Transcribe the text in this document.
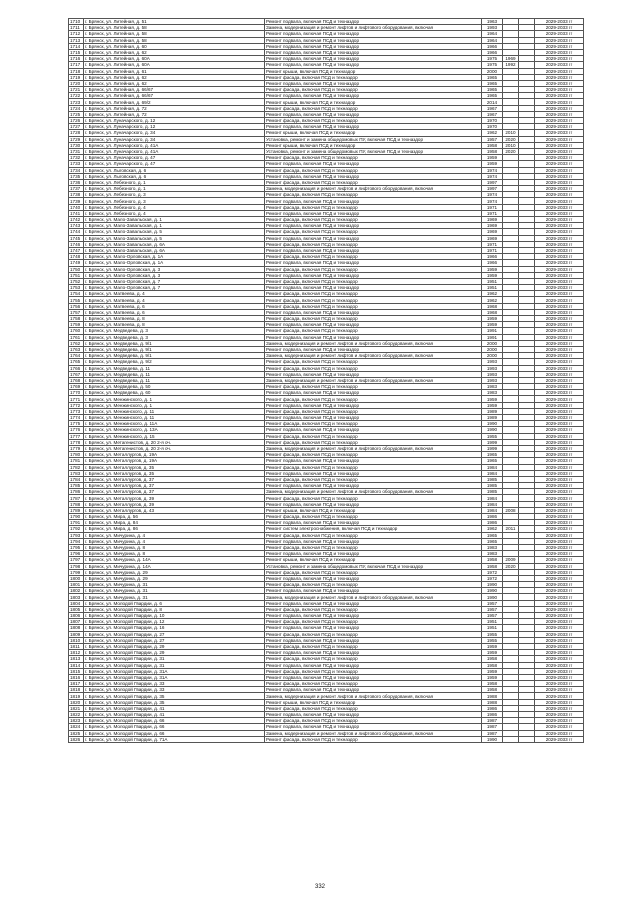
1710	г. Брянск, ул. Литейная, д. 51	Ремонт подвала, включая ПСД и техназдор	1963			2029-2033 гг
1711	г. Брянск, ул. Литейная, д. 58	Замена, модернизация и ремонт лифтов и лифтового оборудования, включая	1993			2029-2033 гг
1712	г. Брянск, ул. Литейная, д. 58	Ремонт подвала, включая ПСД и техназдор	1964			2029-2033 гг
1713	г. Брянск, ул. Литейная, д. 58	Ремонт подвала, включая ПСД и техназдор	1964			2029-2033 гг
1714	г. Брянск, ул. Литейная, д. 60	Ремонт подвала, включая ПСД и техназдор	1966			2029-2033 гг
1715	г. Брянск, ул. Литейная, д. 62	Ремонт подвала, включая ПСД и техназдор	1966			2029-2033 гг
1716	г. Брянск, ул. Литейная, д. 60А	Ремонт подвала, включая ПСД и техназдор	1975	1969		2029-2033 гг
1717	г. Брянск, ул. Литейная, д. 60А	Ремонт подвала, включая ПСД и техназдор	1975	1992		2029-2033 гг
1718	г. Брянск, ул. Литейная, д. 61	Ремонт крыши, включая ПСД и техназдор	2000			2029-2033 гг
1719	г. Брянск, ул. Литейная, д. 62	Ремонт фасада, включая ПСД и техназдор	1965			2029-2033 гг
1720	г. Брянск, ул. Литейная, д. 62	Ремонт подвала, включая ПСД и техназдор	1965			2029-2033 гг
1721	г. Брянск, ул. Литейная, д. 66/67	Ремонт фасада, включая ПСД и техназдор	1965			2029-2033 гг
1722	г. Брянск, ул. Литейная, д. 66/67	Ремонт подвала, включая ПСД и техназдор	1965			2029-2033 гг
1723	г. Брянск, ул. Литейная, д. 69/2	Ремонт крыши, включая ПСД и техназдор	2014			2029-2033 гг
1724	г. Брянск, ул. Литейная, д. 72	Ремонт фасада, включая ПСД и техназдор	1967			2029-2033 гг
1725	г. Брянск, ул. Литейная, д. 72	Ремонт подвала, включая ПСД и техназдор	1967			2029-2033 гг
1726	г. Брянск, ул. Луначарского, д. 12	Ремонт фасада, включая ПСД и техназдор	1970			2029-2033 гг
1727	г. Брянск, ул. Луначарского, д. 12	Ремонт подвала, включая ПСД и техназдор	1970			2029-2033 гг
1728	г. Брянск, ул. Луначарского, д. 34	Ремонт крыши, включая ПСД и техназдор	1962	2010		2029-2033 гг
1729	г. Брянск, ул. Луначарского, д. 34	Установка, ремонт и замена общедомовых ПУ, включая ПСД и техназдор	1957	2020		2029-2033 гг
1730	г. Брянск, ул. Луначарского, д. 41А	Ремонт крыши, включая ПСД и техназдор	1958	2010		2029-2033 гг
1731	г. Брянск, ул. Луначарского, д. 41А	Установка, ремонт и замена общедомовых ПУ, включая ПСД и техназдор	1958	2020		2029-2033 гг
1732	г. Брянск, ул. Луначарского, д. 47	Ремонт фасада, включая ПСД и техназдор	1959			2029-2033 гг
1733	г. Брянск, ул. Луначарского, д. 47	Ремонт подвала, включая ПСД и техназдор	1959			2029-2033 гг
1734	г. Брянск, ул. Лыговская, д. 6	Ремонт фасада, включая ПСД и техназдор	1974			2029-2033 гг
1735	г. Брянск, ул. Лыговская, д. 6	Ремонт подвала, включая ПСД и техназдор	1974			2029-2033 гг
1736	г. Брянск, ул. Лебезного, д. 1	Ремонт фасада, включая ПСД и техназдор	1997			2029-2033 гг
1737	г. Брянск, ул. Лебезного, д. 1	Замена, модернизация и ремонт лифтов и лифтового оборудования, включая	1997			2029-2033 гг
1738	г. Брянск, ул. Лебезного, д. 3	Ремонт фасада, включая ПСД и техназдор	1974			2029-2033 гг
1739	г. Брянск, ул. Лебезного, д. 3	Ремонт подвала, включая ПСД и техназдор	1974			2029-2033 гг
1740	г. Брянск, ул. Лебезного, д. 4	Ремонт фасада, включая ПСД и техназдор	1971			2029-2033 гг
1741	г. Брянск, ул. Лебезного, д. 4	Ремонт подвала, включая ПСД и техназдор	1971			2029-2033 гг
1742	г. Брянск, ул. Мало-Завальская, д. 1	Ремонт фасада, включая ПСД и техназдор	1969			2029-2033 гг
1743	г. Брянск, ул. Мало-Завальская, д. 1	Ремонт подвала, включая ПСД и техназдор	1969			2029-2033 гг
1744	г. Брянск, ул. Мало-Завальская, д. 5	Ремонт фасада, включая ПСД и техназдор	1969			2029-2033 гг
1745	г. Брянск, ул. Мало-Завальская, д. 5	Ремонт подвала, включая ПСД и техназдор	1969			2029-2033 гг
1746	г. Брянск, ул. Мало-Завальская, д. 6А	Ремонт фасада, включая ПСД и техназдор	1971			2029-2033 гг
1747	г. Брянск, ул. Мало-Завальская, д. 6А	Ремонт подвала, включая ПСД и техназдор	1971			2029-2033 гг
1748	г. Брянск, ул. Мало-Орловская, д. 1А	Ремонт фасада, включая ПСД и техназдор	1966			2029-2033 гг
1749	г. Брянск, ул. Мало-Орловская, д. 1А	Ремонт подвала, включая ПСД и техназдор	1966			2029-2033 гг
1750	г. Брянск, ул. Мало-Орловская, д. 3	Ремонт фасада, включая ПСД и техназдор	1959			2029-2033 гг
1751	г. Брянск, ул. Мало-Орловская, д. 3	Ремонт подвала, включая ПСД и техназдор	1959			2029-2033 гг
1752	г. Брянск, ул. Мало-Орловская, д. 7	Ремонт фасада, включая ПСД и техназдор	1951			2029-2033 гг
1753	г. Брянск, ул. Мало-Орловская, д. 7	Ремонт подвала, включая ПСД и техназдор	1951			2029-2033 гг
1754	г. Брянск, ул. Матвеева, д. 4	Ремонт фасада, включая ПСД и техназдор	1962			2029-2033 гг
1755	г. Брянск, ул. Матвеева, д. 4	Ремонт фасада, включая ПСД и техназдор	1962			2029-2033 гг
1756	г. Брянск, ул. Матвеева, д. 6	Ремонт фасада, включая ПСД и техназдор	1968			2029-2033 гг
1757	г. Брянск, ул. Матвеева, д. 6	Ремонт подвала, включая ПСД и техназдор	1968			2029-2033 гг
1758	г. Брянск, ул. Матвеева, д. 8	Ремонт фасада, включая ПСД и техназдор	1959			2029-2033 гг
1759	г. Брянск, ул. Матвеева, д. 8	Ремонт подвала, включая ПСД и техназдор	1959			2029-2033 гг
1760	г. Брянск, ул. Медведева, д. 3	Ремонт фасада, включая ПСД и техназдор	1991			2029-2033 гг
1761	г. Брянск, ул. Медведева, д. 3	Ремонт подвала, включая ПСД и техназдор	1991			2029-2033 гг
1762	г. Брянск, ул. Медведева, д. 9/1	Замена, модернизация и ремонт лифтов и лифтового оборудования, включая	2000			2029-2033 гг
1763	г. Брянск, ул. Медведева, д. 9/1	Ремонт подвала, включая ПСД и техназдор	2000			2029-2033 гг
1764	г. Брянск, ул. Медведева, д. 9/1	Замена, модернизация и ремонт лифтов и лифтового оборудования, включая	2000			2029-2033 гг
1765	г. Брянск, ул. Медведева, д. 9/2	Ремонт фасада, включая ПСД и техназдор	1993			2029-2033 гг
1766	г. Брянск, ул. Медведева, д. 11	Ремонт фасада, включая ПСД и техназдор	1993			2029-2033 гг
1767	г. Брянск, ул. Медведева, д. 11	Ремонт подвала, включая ПСД и техназдор	1993			2029-2033 гг
1768	г. Брянск, ул. Медведева, д. 11	Замена, модернизация и ремонт лифтов и лифтового оборудования, включая	1993			2029-2033 гг
1769	г. Брянск, ул. Медведева, д. 50	Ремонт фасада, включая ПСД и техназдор	1983			2029-2033 гг
1770	г. Брянск, ул. Медведева, д. 60	Ремонт подвала, включая ПСД и техназдор	1983			2029-2033 гг
1771	г. Брянск, ул. Менжинского, д. 1	Ремонт фасада, включая ПСД и техназдор	1959			2029-2033 гг
1772	г. Брянск, ул. Менжинского, д. 1	Ремонт подвала, включая ПСД и техназдор	1959			2029-2033 гг
1773	г. Брянск, ул. Менжинского, д. 11	Ремонт фасада, включая ПСД и техназдор	1989			2029-2033 гг
1774	г. Брянск, ул. Менжинского, д. 11	Ремонт подвала, включая ПСД и техназдор	1989			2029-2033 гг
1775	г. Брянск, ул. Менжинского, д. 11А	Ремонт фасада, включая ПСД и техназдор	1990			2029-2033 гг
1776	г. Брянск, ул. Менжинского, д. 13А	Ремонт подвала, включая ПСД и техназдор	1990			2029-2033 гг
1777	г. Брянск, ул. Менжинского, д. 15	Ремонт фасада, включая ПСД и техназдор	1955			2029-2033 гг
1778	г. Брянск, ул. Метагенистов, д. 20 2-я оч.	Ремонт фасада, включая ПСД и техназдор	1999			2029-2033 гг
1779	г. Брянск, ул. Метагенистов, д. 20 2-я оч.	Замена, модернизация и ремонт лифтов и лифтового оборудования, включая	1999			2029-2033 гг
1780	г. Брянск, ул. Металлургов, д. 19А	Ремонт фасада, включая ПСД и техназдор	1965			2029-2033 гг
1781	г. Брянск, ул. Металлургов, д. 19А	Ремонт подвала, включая ПСД и техназдор	1965			2029-2033 гг
1782	г. Брянск, ул. Металлургов, д. 35	Ремонт фасада, включая ПСД и техназдор	1984			2029-2033 гг
1783	г. Брянск, ул. Металлургов, д. 35	Ремонт подвала, включая ПСД и техназдор	1984			2029-2033 гг
1784	г. Брянск, ул. Металлургов, д. 37	Ремонт фасада, включая ПСД и техназдор	1985			2029-2033 гг
1785	г. Брянск, ул. Металлургов, д. 37	Ремонт подвала, включая ПСД и техназдор	1985			2029-2033 гг
1786	г. Брянск, ул. Металлургов, д. 37	Замена, модернизация и ремонт лифтов и лифтового оборудования, включая	1985			2029-2033 гг
1787	г. Брянск, ул. Металлургов, д. 39	Ремонт фасада, включая ПСД и техназдор	1984			2029-2033 гг
1788	г. Брянск, ул. Металлургов, д. 39	Ремонт подвала, включая ПСД и техназдор	1984			2029-2033 гг
1789	г. Брянск, ул. Металлургов, д. 43	Ремонт крыши, включая ПСД и техназдор	1984	2008		2029-2033 гг
1790	г. Брянск, ул. Мира, д. 56	Ремонт фасада, включая ПСД и техназдор	1986			2029-2033 гг
1791	г. Брянск, ул. Мира, д. 84	Ремонт подвала, включая ПСД и техназдор	1986			2029-2033 гг
1792	г. Брянск, ул. Мира, д. 86	Ремонт систем электроснабжения, включая ПСД и техназдор	1962	2011		2029-2033 гг
1793	г. Брянск, ул. Мичурина, д. 4	Ремонт фасада, включая ПСД и техназдор	1965			2029-2033 гг
1794	г. Брянск, ул. Мичурина, д. 4	Ремонт подвала, включая ПСД и техназдор	1965			2029-2033 гг
1795	г. Брянск, ул. Мичурина, д. 8	Ремонт фасада, включая ПСД и техназдор	1983			2029-2033 гг
1796	г. Брянск, ул. Мичурина, д. 8	Ремонт подвала, включая ПСД и техназдор	1983			2029-2033 гг
1797	г. Брянск, ул. Мичурина, д. 14А	Ремонт крыши, включая ПСД и техназдор	1958	2009		2029-2033 гг
1798	г. Брянск, ул. Мичурина, д. 14А	Установка, ремонт и замена общедомовых ПУ, включая ПСД и техназдор	1958	2020		2029-2033 гг
1799	г. Брянск, ул. Мичурина, д. 29	Ремонт фасада, включая ПСД и техназдор	1972			2029-2033 гг
1800	г. Брянск, ул. Мичурина, д. 29	Ремонт подвала, включая ПСД и техназдор	1972			2029-2033 гг
1801	г. Брянск, ул. Мичурина, д. 31	Ремонт фасада, включая ПСД и техназдор	1990			2029-2033 гг
1802	г. Брянск, ул. Мичурина, д. 31	Ремонт подвала, включая ПСД и техназдор	1990			2029-2033 гг
1803	г. Брянск, ул. Мичурина, д. 31	Замена, модернизация и ремонт лифтов и лифтового оборудования, включая	1990			2029-2033 гг
1804	г. Брянск, ул. Молодой Гвардии, д. 6	Ремонт подвала, включая ПСД и техназдор	1957			2029-2033 гг
1805	г. Брянск, ул. Молодой Гвардии, д. 8	Ремонт фасада, включая ПСД и техназдор	1957			2029-2033 гг
1806	г. Брянск, ул. Молодой Гвардии, д. 10	Ремонт подвала, включая ПСД и техназдор	1957			2029-2033 гг
1807	г. Брянск, ул. Молодой Гвардии, д. 12	Ремонт фасада, включая ПСД и техназдор	1951			2029-2033 гг
1808	г. Брянск, ул. Молодой Гвардии, д. 16	Ремонт подвала, включая ПСД и техназдор	1951			2029-2033 гг
1809	г. Брянск, ул. Молодой Гвардии, д. 27	Ремонт фасада, включая ПСД и техназдор	1955			2029-2033 гг
1810	г. Брянск, ул. Молодой Гвардии, д. 27	Ремонт подвала, включая ПСД и техназдор	1955			2029-2033 гг
1811	г. Брянск, ул. Молодой Гвардии, д. 29	Ремонт фасада, включая ПСД и техназдор	1959			2029-2033 гг
1812	г. Брянск, ул. Молодой Гвардии, д. 29	Ремонт подвала, включая ПСД и техназдор	1959			2029-2033 гг
1813	г. Брянск, ул. Молодой Гвардии, д. 31	Ремонт фасада, включая ПСД и техназдор	1958			2029-2033 гг
1814	г. Брянск, ул. Молодой Гвардии, д. 31	Ремонт подвала, включая ПСД и техназдор	1958			2029-2033 гг
1815	г. Брянск, ул. Молодой Гвардии, д. 31А	Ремонт фасада, включая ПСД и техназдор	1959			2029-2033 гг
1816	г. Брянск, ул. Молодой Гвардии, д. 31А	Ремонт подвала, включая ПСД и техназдор	1959			2029-2033 гг
1817	г. Брянск, ул. Молодой Гвардии, д. 33	Ремонт фасада, включая ПСД и техназдор	1958			2029-2033 гг
1818	г. Брянск, ул. Молодой Гвардии, д. 33	Ремонт подвала, включая ПСД и техназдор	1958			2029-2033 гг
1819	г. Брянск, ул. Молодой Гвардии, д. 35	Замена, модернизация и ремонт лифтов и лифтового оборудования, включая	1988			2029-2033 гг
1820	г. Брянск, ул. Молодой Гвардии, д. 35	Ремонт крыши, включая ПСД и техназдор	1988			2029-2033 гг
1821	г. Брянск, ул. Молодой Гвардии, д. 41	Ремонт фасада, включая ПСД и техназдор	1986			2029-2033 гг
1822	г. Брянск, ул. Молодой Гвардии, д. 41	Ремонт подвала, включая ПСД и техназдор	1986			2029-2033 гг
1823	г. Брянск, ул. Молодой Гвардии, д. 66	Ремонт фасада, включая ПСД и техназдор	1987			2029-2033 гг
1824	г. Брянск, ул. Молодой Гвардии, д. 66	Ремонт подвала, включая ПСД и техназдор	1987			2029-2033 гг
1825	г. Брянск, ул. Молодой Гвардии, д. 66	Замена, модернизация и ремонт лифтов и лифтового оборудования, включая	1987			2029-2033 гг
1826	г. Брянск, ул. Молодой Гвардии, д. 71А	Ремонт фасада, включая ПСД и техназдор	1990			2029-2033 гг
332
